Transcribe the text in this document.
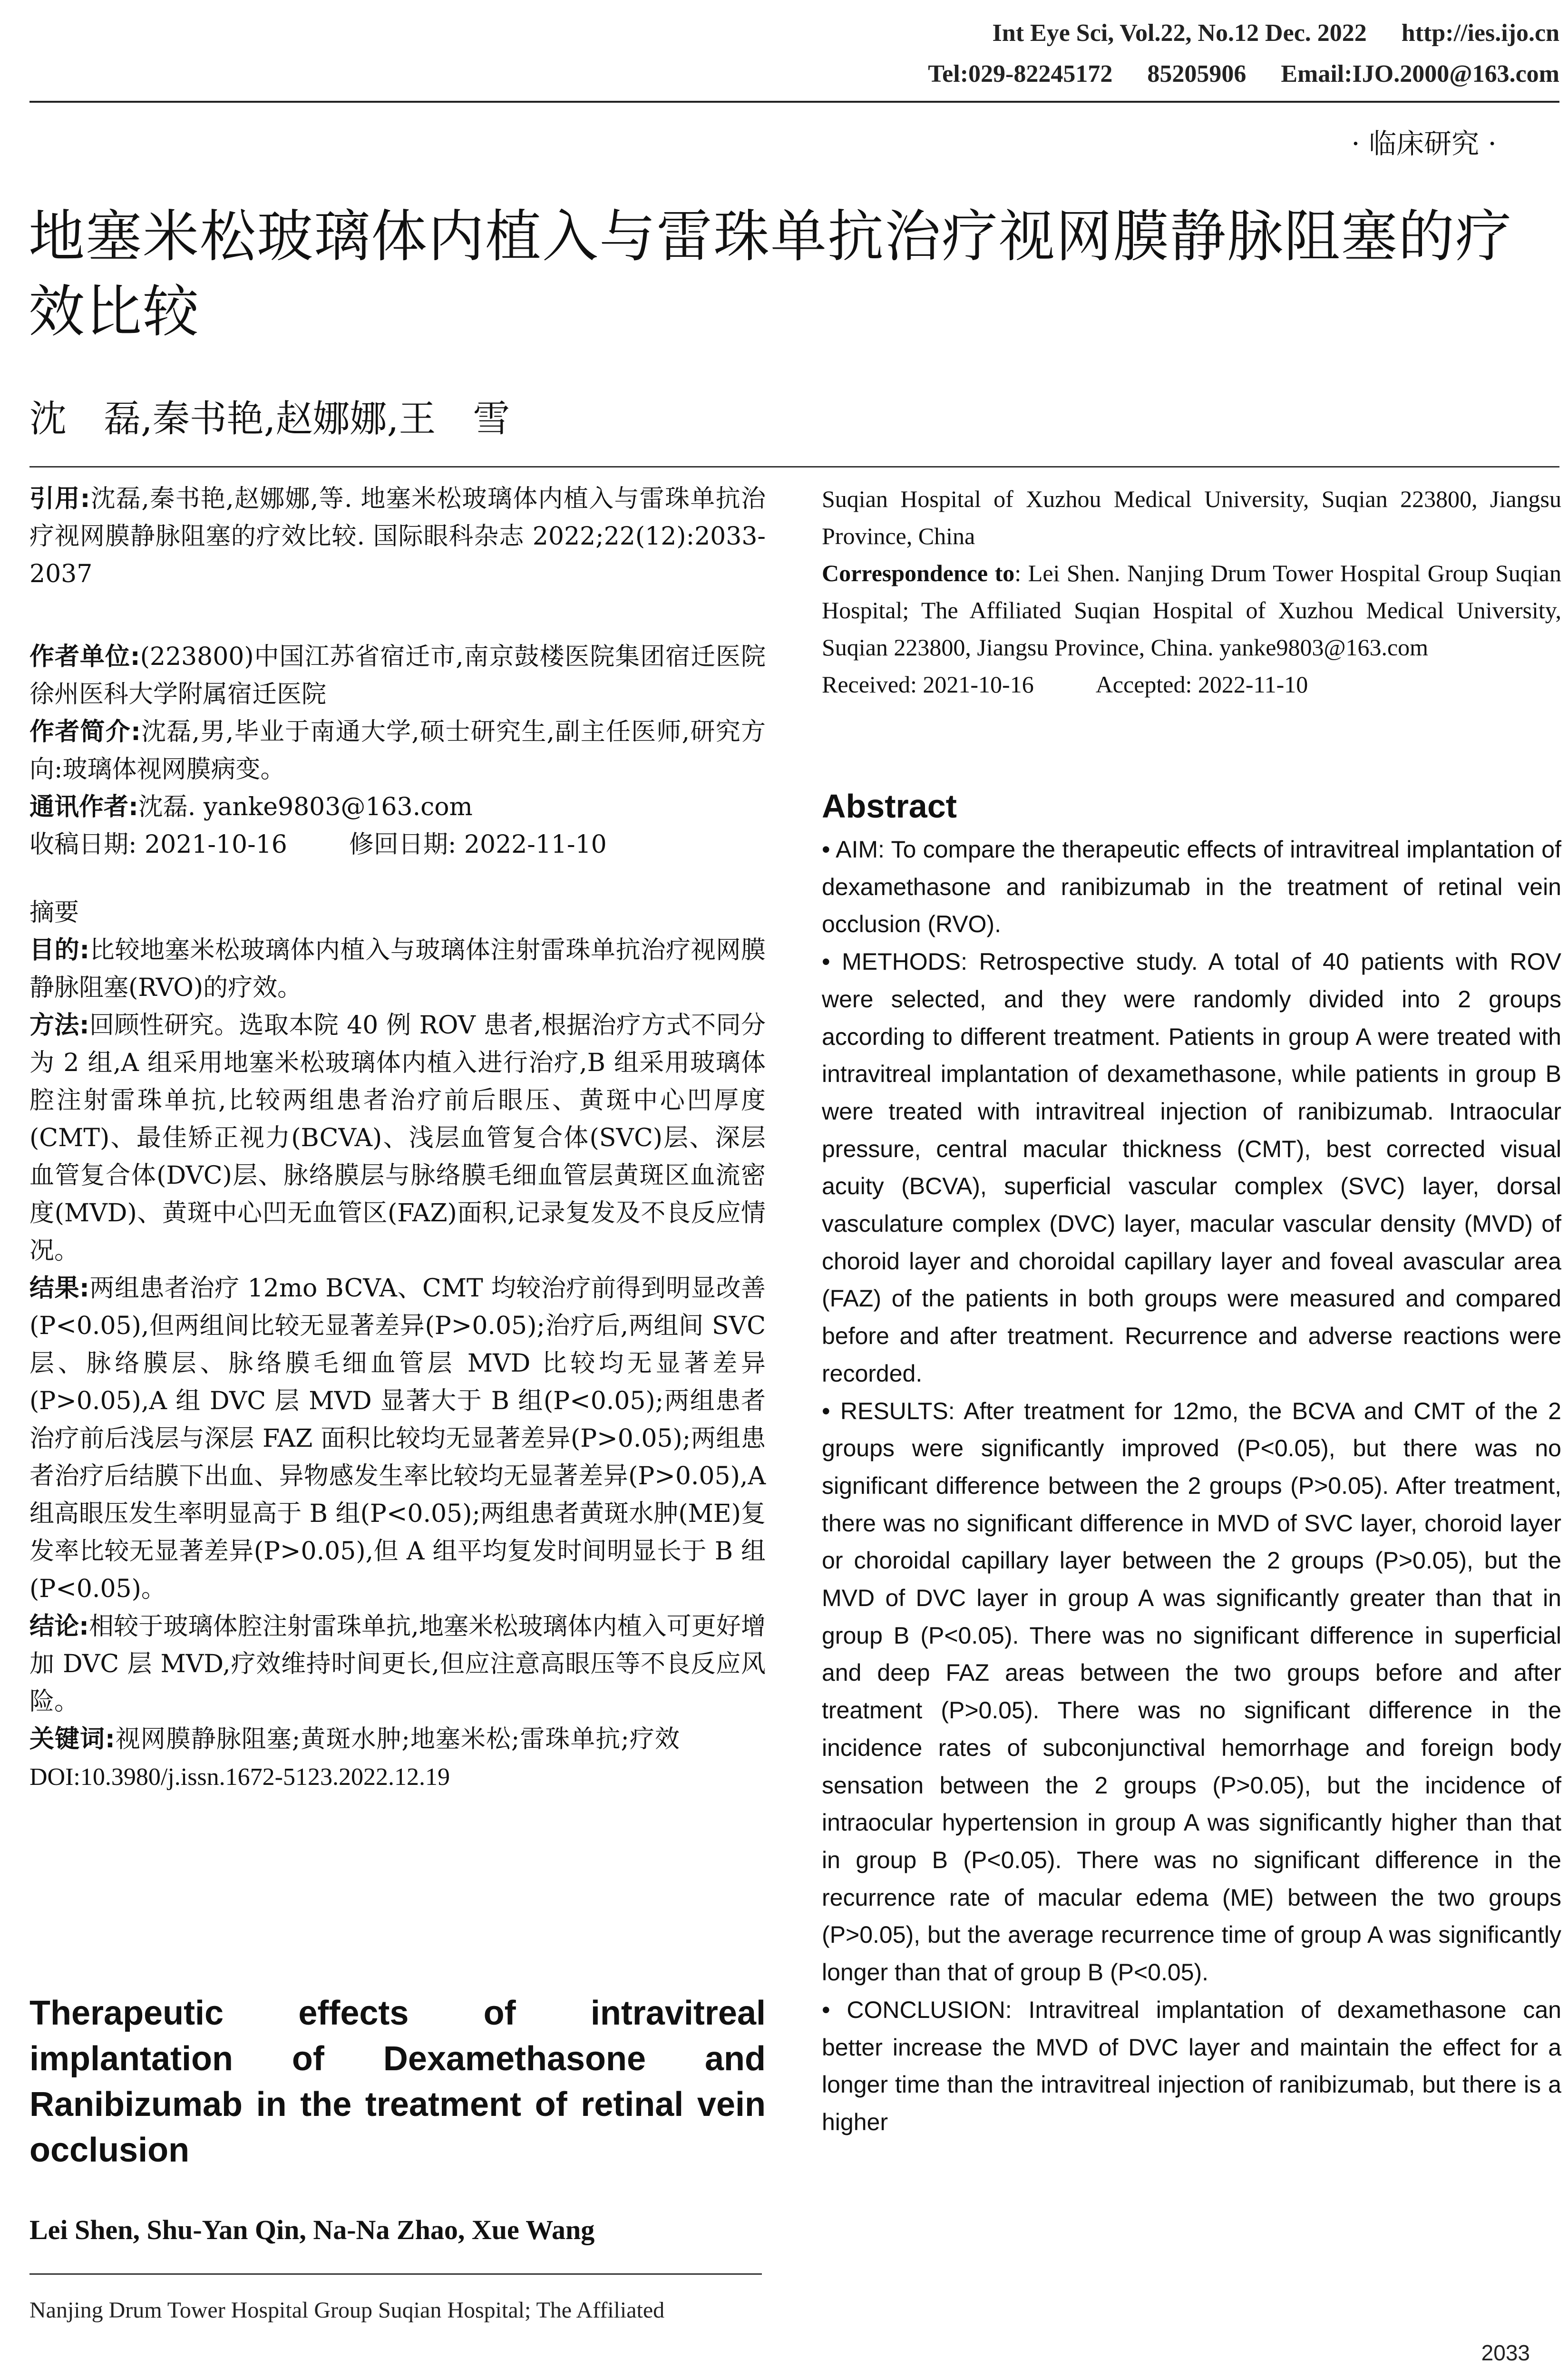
Int Eye Sci, Vol.22, No.12 Dec. 2022 http://ies.ijo.cn
Tel:029-82245172 85205906 Email:IJO.2000@163.com
· 临床研究 ·
地塞米松玻璃体内植入与雷珠单抗治疗视网膜静脉阻塞的疗效比较
沈　磊,秦书艳,赵娜娜,王　雪

引用:沈磊,秦书艳,赵娜娜,等. 地塞米松玻璃体内植入与雷珠单抗治疗视网膜静脉阻塞的疗效比较. 国际眼科杂志 2022;22(12):2033-2037

作者单位:(223800)中国江苏省宿迁市,南京鼓楼医院集团宿迁医院 徐州医科大学附属宿迁医院

作者简介:沈磊,男,毕业于南通大学,硕士研究生,副主任医师,研究方向:玻璃体视网膜病变。

通讯作者:沈磊. yanke9803@163.com

收稿日期: 2021-10-16	修回日期: 2022-11-10

摘要

目的:比较地塞米松玻璃体内植入与玻璃体注射雷珠单抗治疗视网膜静脉阻塞(RVO)的疗效。

方法:回顾性研究。选取本院 40 例 ROV 患者,根据治疗方式不同分为 2 组,A 组采用地塞米松玻璃体内植入进行治疗,B 组采用玻璃体腔注射雷珠单抗,比较两组患者治疗前后眼压、黄斑中心凹厚度(CMT)、最佳矫正视力(BCVA)、浅层血管复合体(SVC)层、深层血管复合体(DVC)层、脉络膜层与脉络膜毛细血管层黄斑区血流密度(MVD)、黄斑中心凹无血管区(FAZ)面积,记录复发及不良反应情况。

结果:两组患者治疗 12mo BCVA、CMT 均较治疗前得到明显改善(P<0.05),但两组间比较无显著差异(P>0.05);治疗后,两组间 SVC 层、脉络膜层、脉络膜毛细血管层 MVD 比较均无显著差异(P>0.05),A 组 DVC 层 MVD 显著大于 B 组(P<0.05);两组患者治疗前后浅层与深层 FAZ 面积比较均无显著差异(P>0.05);两组患者治疗后结膜下出血、异物感发生率比较均无显著差异(P>0.05),A 组高眼压发生率明显高于 B 组(P<0.05);两组患者黄斑水肿(ME)复发率比较无显著差异(P>0.05),但 A 组平均复发时间明显长于 B 组(P<0.05)。

结论:相较于玻璃体腔注射雷珠单抗,地塞米松玻璃体内植入可更好增加 DVC 层 MVD,疗效维持时间更长,但应注意高眼压等不良反应风险。

关键词:视网膜静脉阻塞;黄斑水肿;地塞米松;雷珠单抗;疗效

DOI:10.3980/j.issn.1672-5123.2022.12.19

Therapeutic effects of intravitreal implantation of Dexamethasone and Ranibizumab in the treatment of retinal vein occlusion
Lei Shen, Shu-Yan Qin, Na-Na Zhao, Xue Wang
Nanjing Drum Tower Hospital Group Suqian Hospital; The Affiliated

Suqian Hospital of Xuzhou Medical University, Suqian 223800, Jiangsu Province, China

Correspondence to: Lei Shen. Nanjing Drum Tower Hospital Group Suqian Hospital; The Affiliated Suqian Hospital of Xuzhou Medical University, Suqian 223800, Jiangsu Province, China. yanke9803@163.com

Received: 2021-10-16	Accepted: 2022-11-10

Abstract

• AIM: To compare the therapeutic effects of intravitreal implantation of dexamethasone and ranibizumab in the treatment of retinal vein occlusion (RVO).

• METHODS: Retrospective study. A total of 40 patients with ROV were selected, and they were randomly divided into 2 groups according to different treatment. Patients in group A were treated with intravitreal implantation of dexamethasone, while patients in group B were treated with intravitreal injection of ranibizumab. Intraocular pressure, central macular thickness (CMT), best corrected visual acuity (BCVA), superficial vascular complex (SVC) layer, dorsal vasculature complex (DVC) layer, macular vascular density (MVD) of choroid layer and choroidal capillary layer and foveal avascular area (FAZ) of the patients in both groups were measured and compared before and after treatment. Recurrence and adverse reactions were recorded.

• RESULTS: After treatment for 12mo, the BCVA and CMT of the 2 groups were significantly improved (P<0.05), but there was no significant difference between the 2 groups (P>0.05). After treatment, there was no significant difference in MVD of SVC layer, choroid layer or choroidal capillary layer between the 2 groups (P>0.05), but the MVD of DVC layer in group A was significantly greater than that in group B (P<0.05). There was no significant difference in superficial and deep FAZ areas between the two groups before and after treatment (P>0.05). There was no significant difference in the incidence rates of subconjunctival hemorrhage and foreign body sensation between the 2 groups (P>0.05), but the incidence of intraocular hypertension in group A was significantly higher than that in group B (P<0.05). There was no significant difference in the recurrence rate of macular edema (ME) between the two groups (P>0.05), but the average recurrence time of group A was significantly longer than that of group B (P<0.05).

• CONCLUSION: Intravitreal implantation of dexamethasone can better increase the MVD of DVC layer and maintain the effect for a longer time than the intravitreal injection of ranibizumab, but there is a higher

2033
